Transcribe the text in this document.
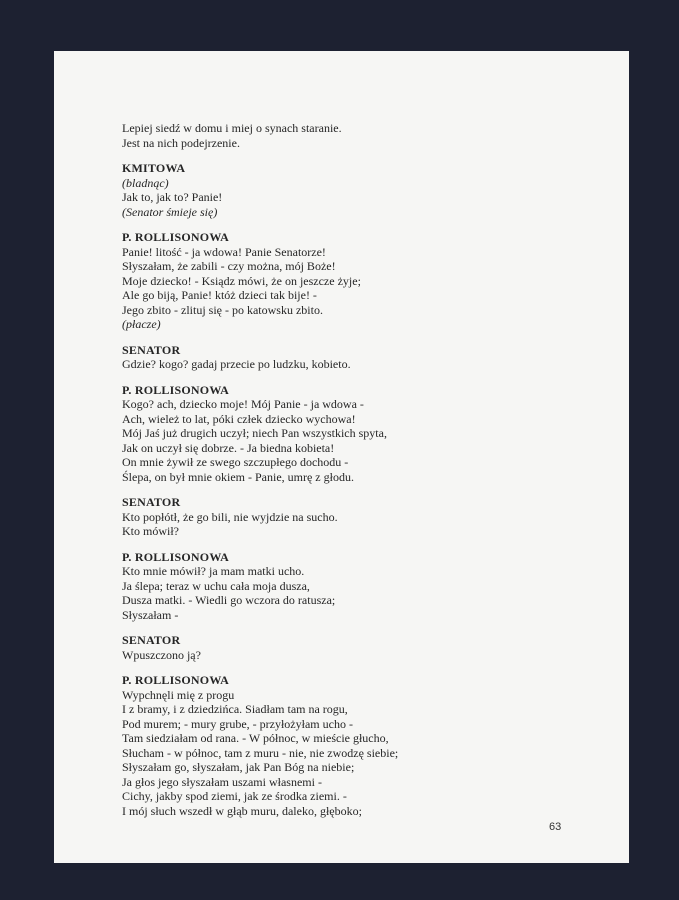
Lepiej siedź w domu i miej o synach staranie.
Jest na nich podejrzenie.
KMITOWA
(bladnąc)
Jak to, jak to? Panie!
(Senator śmieje się)
P. ROLLISONOWA
Panie! litość - ja wdowa! Panie Senatorze!
Słyszałam, że zabili - czy można, mój Boże!
Moje dziecko! - Ksiądz mówi, że on jeszcze żyje;
Ale go biją, Panie! któż dzieci tak bije! -
Jego zbito - zlituj się - po katowsku zbito.
(płacze)
SENATOR
Gdzie? kogo? gadaj przecie po ludzku, kobieto.
P. ROLLISONOWA
Kogo? ach, dziecko moje! Mój Panie - ja wdowa -
Ach, wieleż to lat, póki człek dziecko wychowa!
Mój Jaś już drugich uczył; niech Pan wszystkich spyta,
Jak on uczył się dobrze. - Ja biedna kobieta!
On mnie żywił ze swego szczupłego dochodu -
Ślepa, on był mnie okiem - Panie, umrę z głodu.
SENATOR
Kto popłótł, że go bili, nie wyjdzie na sucho.
Kto mówił?
P. ROLLISONOWA
Kto mnie mówił? ja mam matki ucho.
Ja ślepa; teraz w uchu cała moja dusza,
Dusza matki. - Wiedli go wczora do ratusza;
Słyszałam -
SENATOR
Wpuszczono ją?
P. ROLLISONOWA
Wypchnęli mię z progu
I z bramy, i z dziedzińca. Siadłam tam na rogu,
Pod murem; - mury grube, - przyłożyłam ucho -
Tam siedziałam od rana. - W północ, w mieście głucho,
Słucham - w północ, tam z muru - nie, nie zwodzę siebie;
Słyszałam go, słyszałam, jak Pan Bóg na niebie;
Ja głos jego słyszałam uszami własnemi -
Cichy, jakby spod ziemi, jak ze środka ziemi. -
I mój słuch wszedł w głąb muru, daleko, głęboko;
63
